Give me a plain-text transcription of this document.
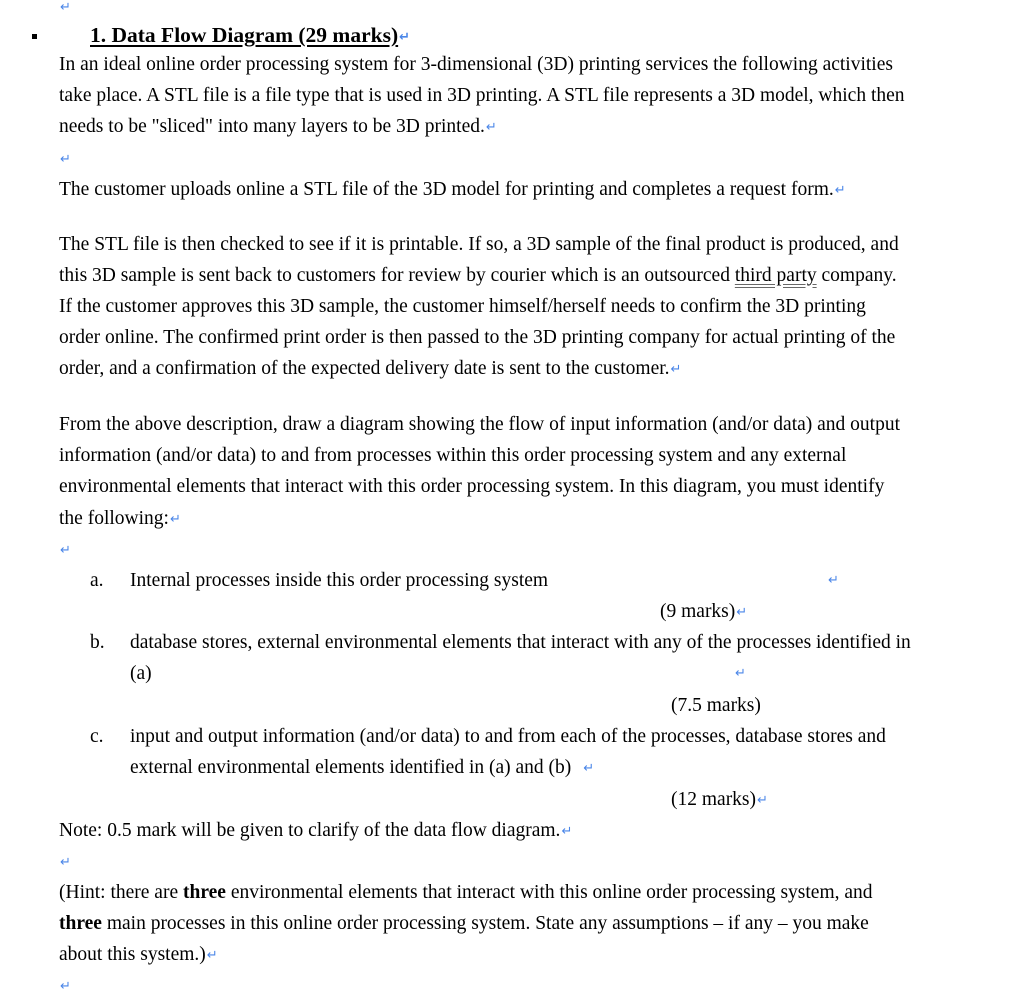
↵
1. Data Flow Diagram (29 marks)↵
In an ideal online order processing system for 3-dimensional (3D) printing services the following activities
take place. A STL file is a file type that is used in 3D printing. A STL file represents a 3D model, which then
needs to be "sliced" into many layers to be 3D printed.↵
↵
The customer uploads online a STL file of the 3D model for printing and completes a request form.↵
The STL file is then checked to see if it is printable. If so, a 3D sample of the final product is produced, and
this 3D sample is sent back to customers for review by courier which is an outsourced third party company.
If the customer approves this 3D sample, the customer himself/herself needs to confirm the 3D printing
order online. The confirmed print order is then passed to the 3D printing company for actual printing of the
order, and a confirmation of the expected delivery date is sent to the customer.↵
From the above description, draw a diagram showing the flow of input information (and/or data) and output
information (and/or data) to and from processes within this order processing system and any external
environmental elements that interact with this order processing system. In this diagram, you must identify
the following:↵
↵
a. Internal processes inside this order processing system	↵
(9 marks)↵
b. database stores, external environmental elements that interact with any of the processes identified in
(a)	↵
(7.5 marks)
c. input and output information (and/or data) to and from each of the processes, database stores and
external environmental elements identified in (a) and (b) ↵
(12 marks)↵
Note: 0.5 mark will be given to clarify of the data flow diagram.↵
↵
(Hint: there are three environmental elements that interact with this online order processing system, and
three main processes in this online order processing system. State any assumptions – if any – you make
about this system.)↵
↵
